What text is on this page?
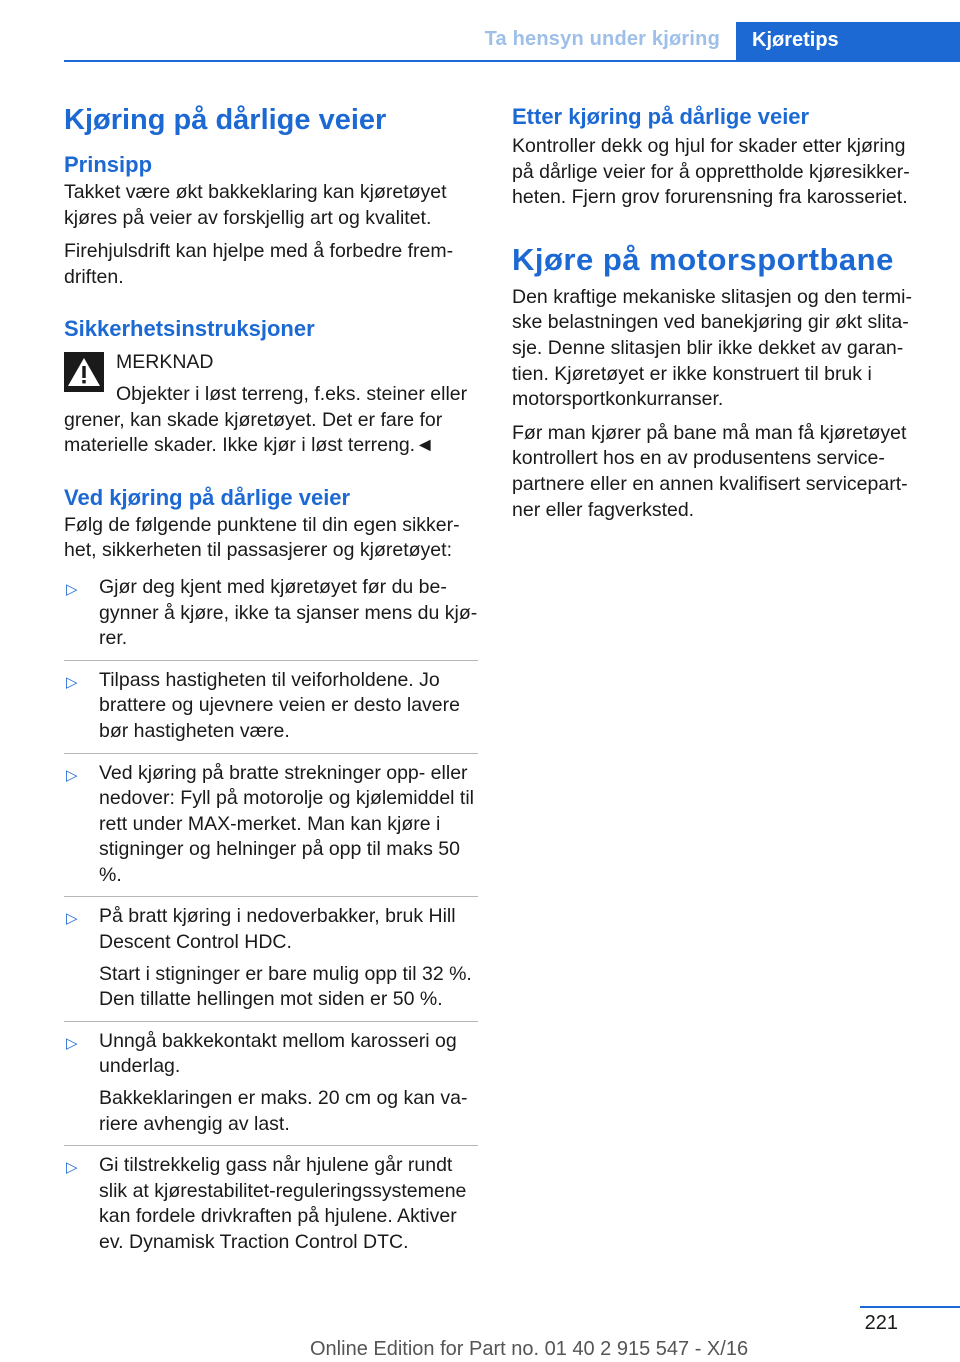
Ta hensyn under kjøring	Kjøretips
Kjøring på dårlige veier
Prinsipp

Takket være økt bakkeklaring kan kjøretøyet kjøres på veier av forskjellig art og kvalitet.

Firehjulsdrift kan hjelpe med å forbedre fremdriften.

Sikkerhetsinstruksjoner
MERKNAD
Objekter i løst terreng, f.eks. steiner eller
grener, kan skade kjøretøyet. Det er fare for materielle skader. Ikke kjør i løst terreng.◄
Ved kjøring på dårlige veier

Følg de følgende punktene til din egen sikkerhet, sikkerheten til passasjerer og kjøretøyet:

▷ Gjør deg kjent med kjøretøyet før du begynner å kjøre, ikke ta sjanser mens du kjører.

▷ Tilpass hastigheten til veiforholdene. Jo brattere og ujevnere veien er desto lavere bør hastigheten være.

▷ Ved kjøring på bratte strekninger opp- eller nedover: Fyll på motorolje og kjølemiddel til rett under MAX-merket. Man kan kjøre i stigninger og helninger på opp til maks 50 %.

▷ På bratt kjøring i nedoverbakker, bruk Hill Descent Control HDC.

Start i stigninger er bare mulig opp til 32 %. Den tillatte hellingen mot siden er 50 %.

▷ Unngå bakkekontakt mellom karosseri og underlag.

Bakkeklaringen er maks. 20 cm og kan variere avhengig av last.

▷ Gi tilstrekkelig gass når hjulene går rundt slik at kjørestabilitet-reguleringssystemene kan fordele drivkraften på hjulene. Aktiver ev. Dynamisk Traction Control DTC.

Etter kjøring på dårlige veier

Kontroller dekk og hjul for skader etter kjøring på dårlige veier for å opprettholde kjøresikkerheten. Fjern grov forurensning fra karosseriet.

Kjøre på motorsportbane

Den kraftige mekaniske slitasjen og den termiske belastningen ved banekjøring gir økt slitasje. Denne slitasjen blir ikke dekket av garantien. Kjøretøyet er ikke konstruert til bruk i motorsportkonkurranser.

Før man kjører på bane må man få kjøretøyet kontrollert hos en av produsentens servicepartnere eller en annen kvalifisert servicepartner eller fagverksted.

221
Online Edition for Part no. 01 40 2 915 547 - X/16
